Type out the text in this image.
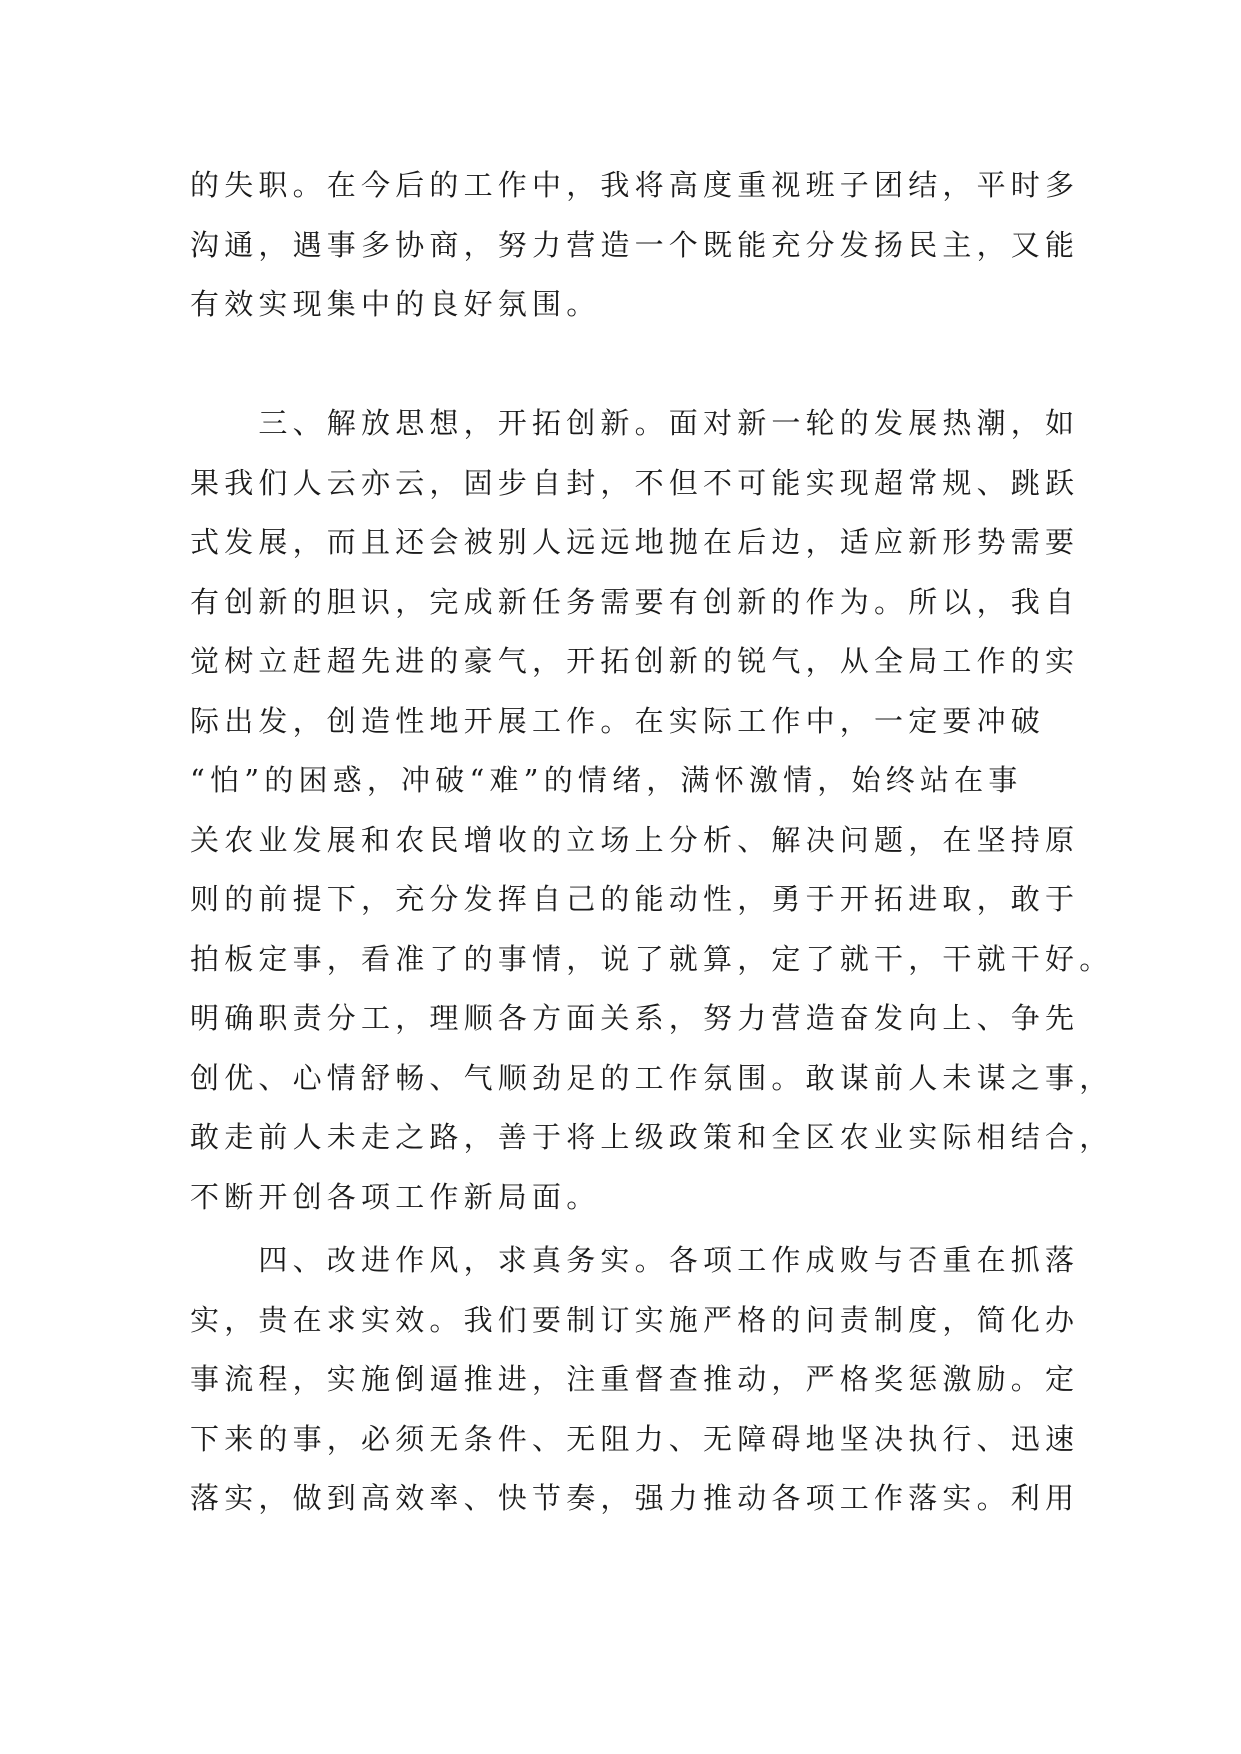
的失职。在今后的工作中，我将高度重视班子团结，平时多
沟通，遇事多协商，努力营造一个既能充分发扬民主，又能
有效实现集中的良好氛围。
　　三、解放思想，开拓创新。面对新一轮的发展热潮，如
果我们人云亦云，固步自封，不但不可能实现超常规、跳跃
式发展，而且还会被别人远远地抛在后边，适应新形势需要
有创新的胆识，完成新任务需要有创新的作为。所以，我自
觉树立赶超先进的豪气，开拓创新的锐气，从全局工作的实
际出发，创造性地开展工作。在实际工作中，一定要冲破
“怕”的困惑，冲破“难”的情绪，满怀激情，始终站在事
关农业发展和农民增收的立场上分析、解决问题，在坚持原
则的前提下，充分发挥自己的能动性，勇于开拓进取，敢于
拍板定事，看准了的事情，说了就算，定了就干，干就干好。
明确职责分工，理顺各方面关系，努力营造奋发向上、争先
创优、心情舒畅、气顺劲足的工作氛围。敢谋前人未谋之事，
敢走前人未走之路，善于将上级政策和全区农业实际相结合，
不断开创各项工作新局面。
　　四、改进作风，求真务实。各项工作成败与否重在抓落
实，贵在求实效。我们要制订实施严格的问责制度，简化办
事流程，实施倒逼推进，注重督查推动，严格奖惩激励。定
下来的事，必须无条件、无阻力、无障碍地坚决执行、迅速
落实，做到高效率、快节奏，强力推动各项工作落实。利用
